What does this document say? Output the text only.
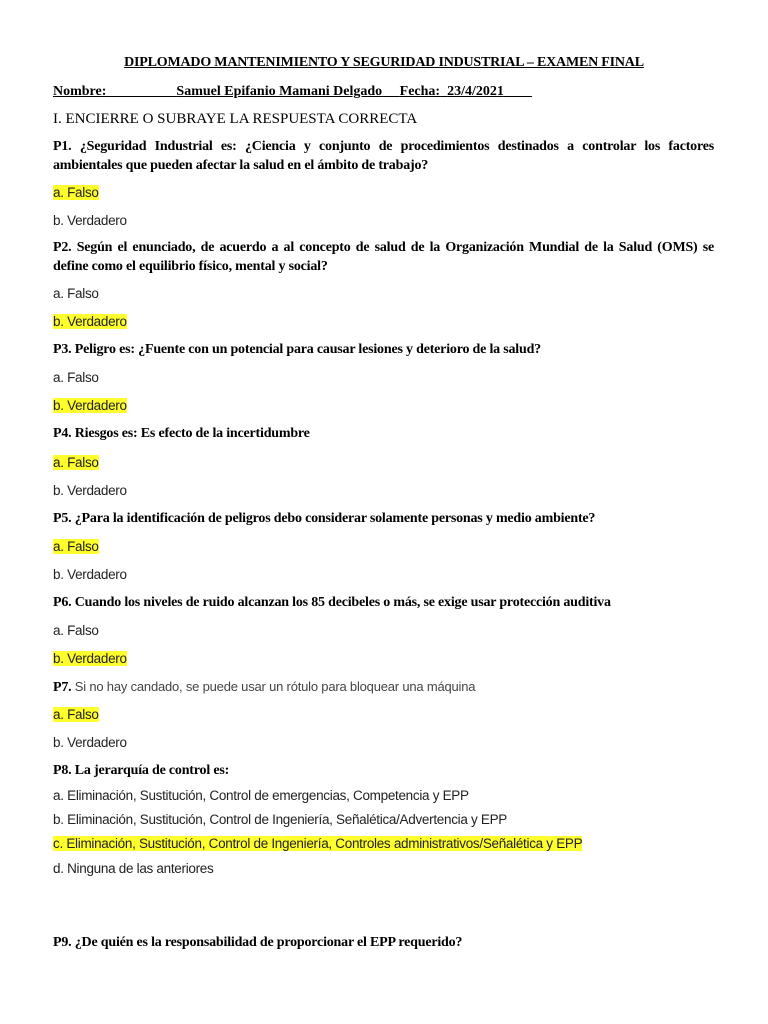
DIPLOMADO MANTENIMIENTO Y SEGURIDAD INDUSTRIAL – EXAMEN FINAL
Nombre:	Samuel Epifanio Mamani Delgado Fecha: 23/4/2021
I. ENCIERRE O SUBRAYE LA RESPUESTA CORRECTA
P1. ¿Seguridad Industrial es: ¿Ciencia y conjunto de procedimientos destinados a controlar los factores ambientales que pueden afectar la salud en el ámbito de trabajo?
a. Falso
b. Verdadero
P2. Según el enunciado, de acuerdo a al concepto de salud de la Organización Mundial de la Salud (OMS) se define como el equilibrio físico, mental y social?
a. Falso
b. Verdadero
P3. Peligro es: ¿Fuente con un potencial para causar lesiones y deterioro de la salud?
a. Falso
b. Verdadero
P4. Riesgos es: Es efecto de la incertidumbre
a. Falso
b. Verdadero
P5. ¿Para la identificación de peligros debo considerar solamente personas y medio ambiente?
a. Falso
b. Verdadero
P6. Cuando los niveles de ruido alcanzan los 85 decibeles o más, se exige usar protección auditiva
a. Falso
b. Verdadero
P7. Si no hay candado, se puede usar un rótulo para bloquear una máquina
a. Falso
b. Verdadero
P8. La jerarquía de control es:
a. Eliminación, Sustitución, Control de emergencias, Competencia y EPP
b. Eliminación, Sustitución, Control de Ingeniería, Señalética/Advertencia y EPP
c. Eliminación, Sustitución, Control de Ingeniería, Controles administrativos/Señalética y EPP
d. Ninguna de las anteriores
P9. ¿De quién es la responsabilidad de proporcionar el EPP requerido?
